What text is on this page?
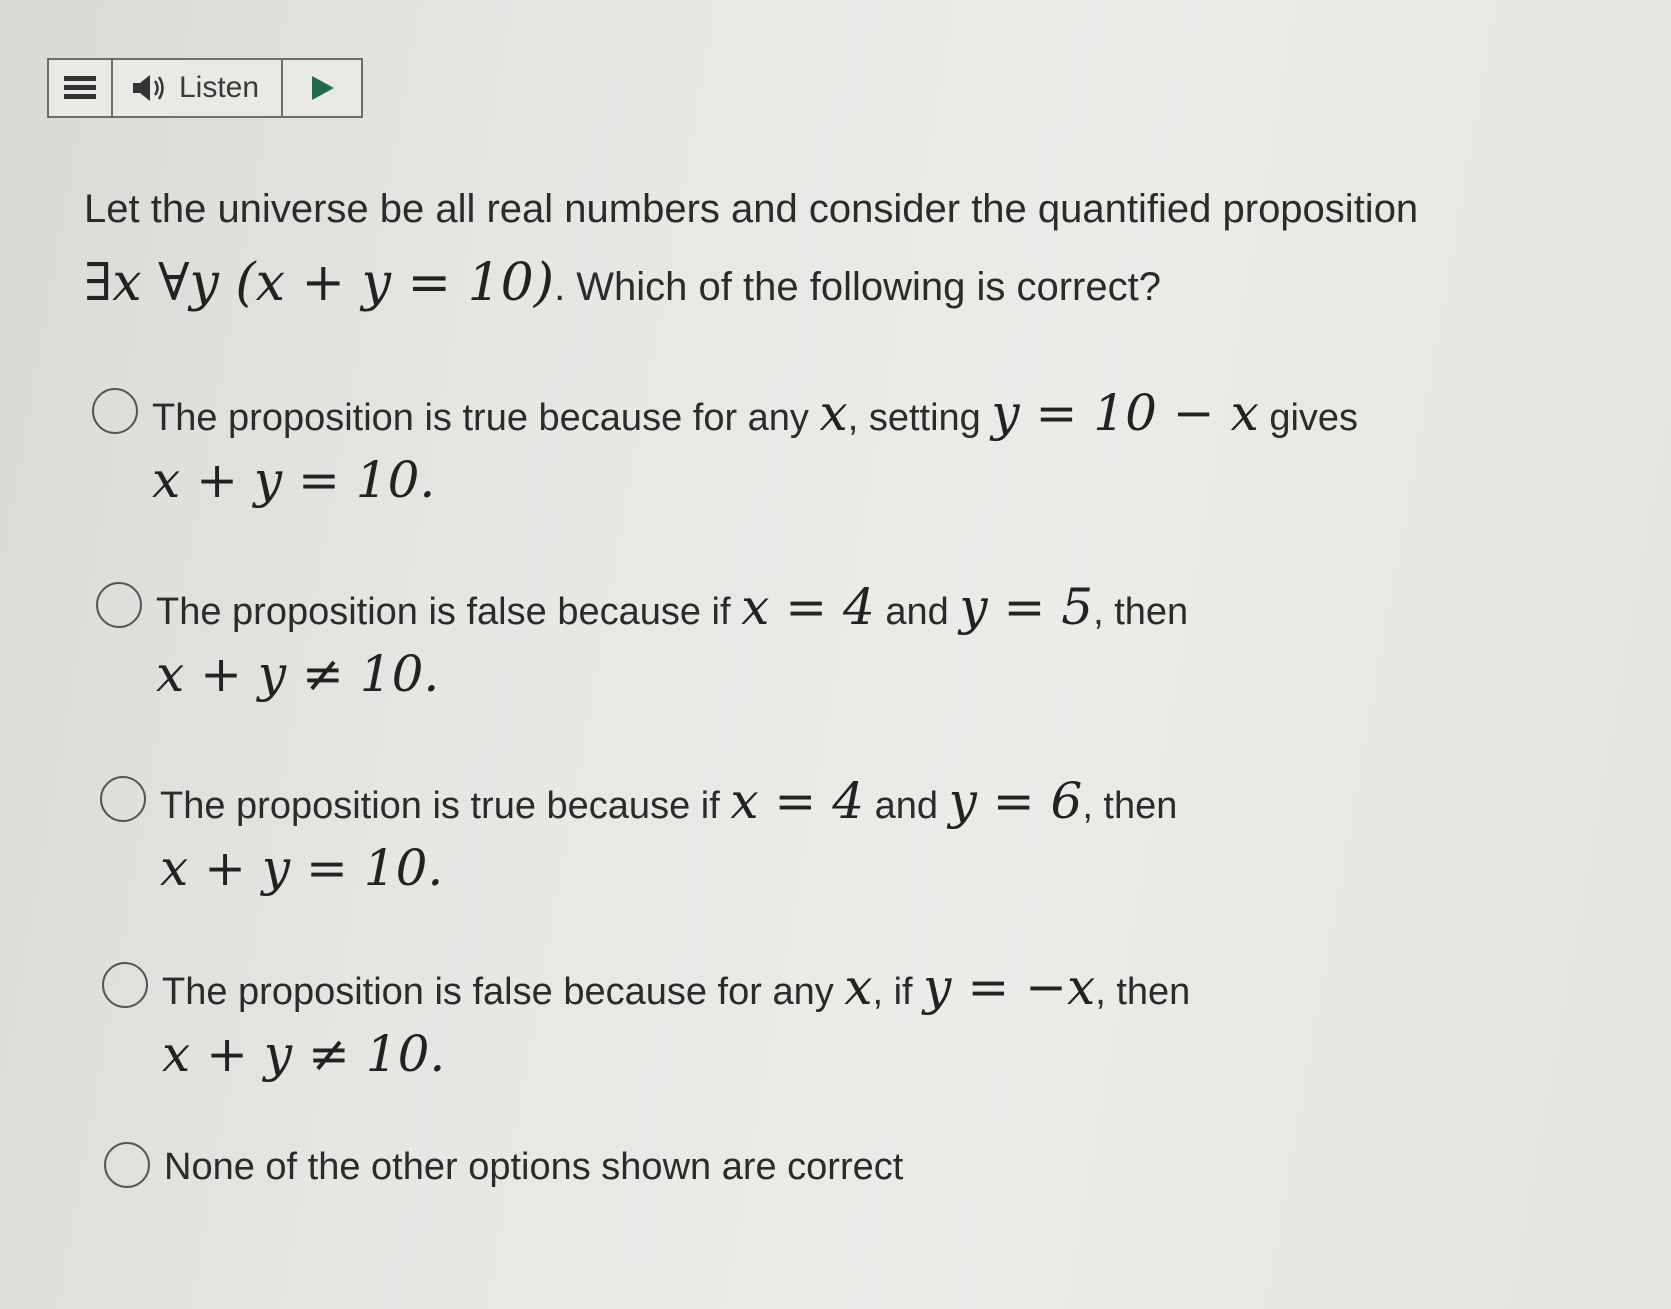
Listen
Let the universe be all real numbers and consider the quantified proposition
∃x ∀y (x + y = 10). Which of the following is correct?
The proposition is true because for any x, setting y = 10 − x gives
x + y = 10.
The proposition is false because if x = 4 and y = 5, then
x + y ≠ 10.
The proposition is true because if x = 4 and y = 6, then
x + y = 10.
The proposition is false because for any x, if y = −x, then
x + y ≠ 10.
None of the other options shown are correct
